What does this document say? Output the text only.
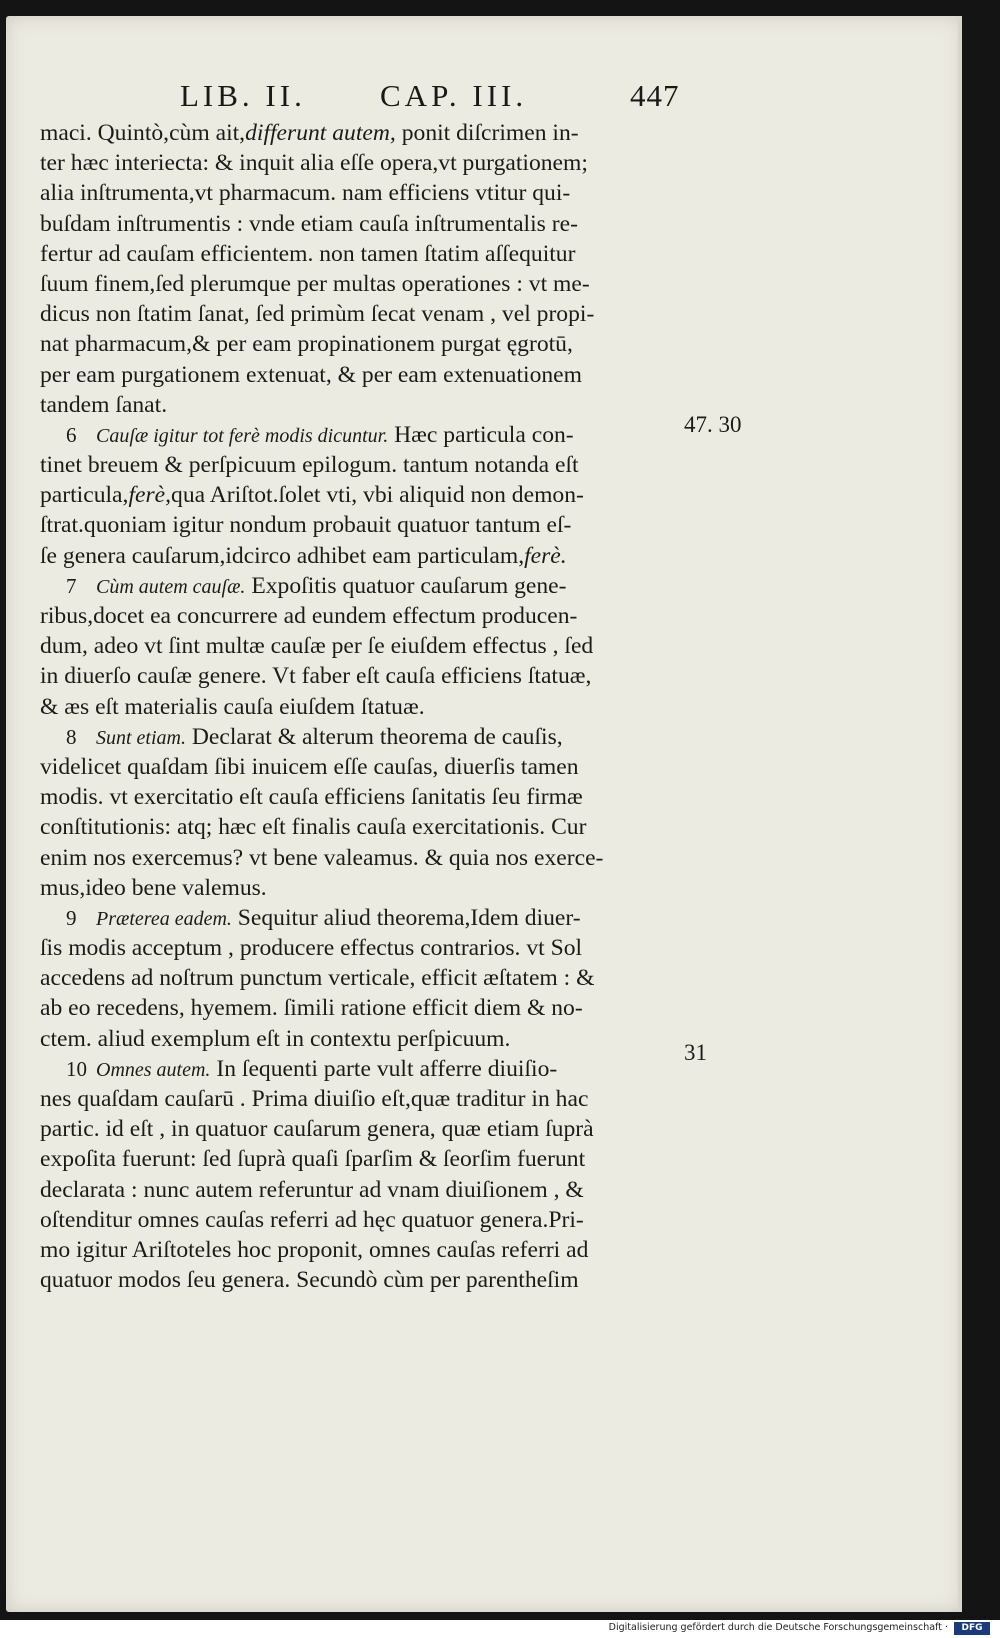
LIB. II. CAP. III.	447
maci. Quintò,cùm ait,differunt autem, ponit diſcrimen in-
ter hæc interiecta: & inquit alia eſſe opera,vt purgationem;
alia inſtrumenta,vt pharmacum. nam efficiens vtitur qui-
buſdam inſtrumentis : vnde etiam cauſa inſtrumentalis re-
fertur ad cauſam efficientem. non tamen ſtatim aſſequitur
ſuum finem,ſed plerumque per multas operationes : vt me-
dicus non ſtatim ſanat, ſed primùm ſecat venam , vel propi-
nat pharmacum,& per eam propinationem purgat ęgrotū,
per eam purgationem extenuat, & per eam extenuationem
tandem ſanat.
6 Cauſæ igitur tot ferè modis dicuntur. Hæc particula con-
tinet breuem & perſpicuum epilogum. tantum notanda eſt
particula,ferè,qua Ariſtot.ſolet vti, vbi aliquid non demon-
ſtrat.quoniam igitur nondum probauit quatuor tantum eſ-
ſe genera cauſarum,idcirco adhibet eam particulam,ferè.
7 Cùm autem cauſæ. Expoſitis quatuor cauſarum gene-
ribus,docet ea concurrere ad eundem effectum producen-
dum, adeo vt ſint multæ cauſæ per ſe eiuſdem effectus , ſed
in diuerſo cauſæ genere. Vt faber eſt cauſa efficiens ſtatuæ,
& æs eſt materialis cauſa eiuſdem ſtatuæ.
8 Sunt etiam. Declarat & alterum theorema de cauſis,
videlicet quaſdam ſibi inuicem eſſe cauſas, diuerſis tamen
modis. vt exercitatio eſt cauſa efficiens ſanitatis ſeu firmæ
conſtitutionis: atq; hæc eſt finalis cauſa exercitationis. Cur
enim nos exercemus? vt bene valeamus. & quia nos exerce-
mus,ideo bene valemus.
9 Præterea eadem. Sequitur aliud theorema,Idem diuer-
ſis modis acceptum , producere effectus contrarios. vt Sol
accedens ad noſtrum punctum verticale, efficit æſtatem : &
ab eo recedens, hyemem. ſimili ratione efficit diem & no-
ctem. aliud exemplum eſt in contextu perſpicuum.
10 Omnes autem. In ſequenti parte vult afferre diuiſio-
nes quaſdam cauſarū . Prima diuiſio eſt,quæ traditur in hac
partic. id eſt , in quatuor cauſarum genera, quæ etiam ſuprà
expoſita fuerunt: ſed ſuprà quaſi ſparſim & ſeorſim fuerunt
declarata : nunc autem referuntur ad vnam diuiſionem , &
oſtenditur omnes cauſas referri ad hęc quatuor genera.Pri-
mo igitur Ariſtoteles hoc proponit, omnes cauſas referri ad
quatuor modos ſeu genera. Secundò cùm per parentheſim
47. 30
31
Digitalisierung gefördert durch die Deutsche Forschungsgemeinschaft ·	DFG
